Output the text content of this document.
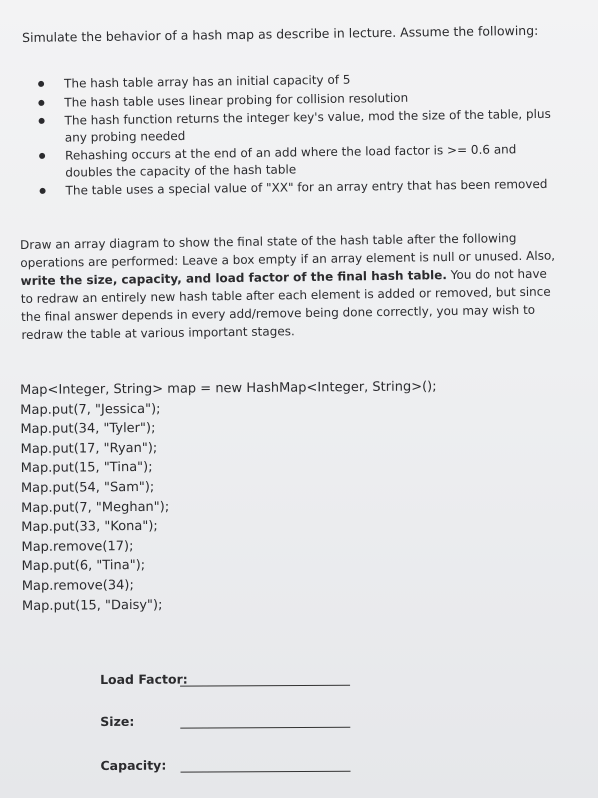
Simulate the behavior of a hash map as describe in lecture. Assume the following:
The hash table array has an initial capacity of 5
The hash table uses linear probing for collision resolution
The hash function returns the integer key's value, mod the size of the table, plus any probing needed
Rehashing occurs at the end of an add where the load factor is >= 0.6 and doubles the capacity of the hash table
The table uses a special value of "XX" for an array entry that has been removed
Draw an array diagram to show the final state of the hash table after the following operations are performed: Leave a box empty if an array element is null or unused. Also, write the size, capacity, and load factor of the final hash table. You do not have to redraw an entirely new hash table after each element is added or removed, but since the final answer depends in every add/remove being done correctly, you may wish to redraw the table at various important stages.
Map<Integer, String> map = new HashMap<Integer, String>();
Map.put(7, "Jessica");
Map.put(34, "Tyler");
Map.put(17, "Ryan");
Map.put(15, "Tina");
Map.put(54, "Sam");
Map.put(7, "Meghan");
Map.put(33, "Kona");
Map.remove(17);
Map.put(6, "Tina");
Map.remove(34);
Map.put(15, "Daisy");
Load Factor:
Size:
Capacity:
